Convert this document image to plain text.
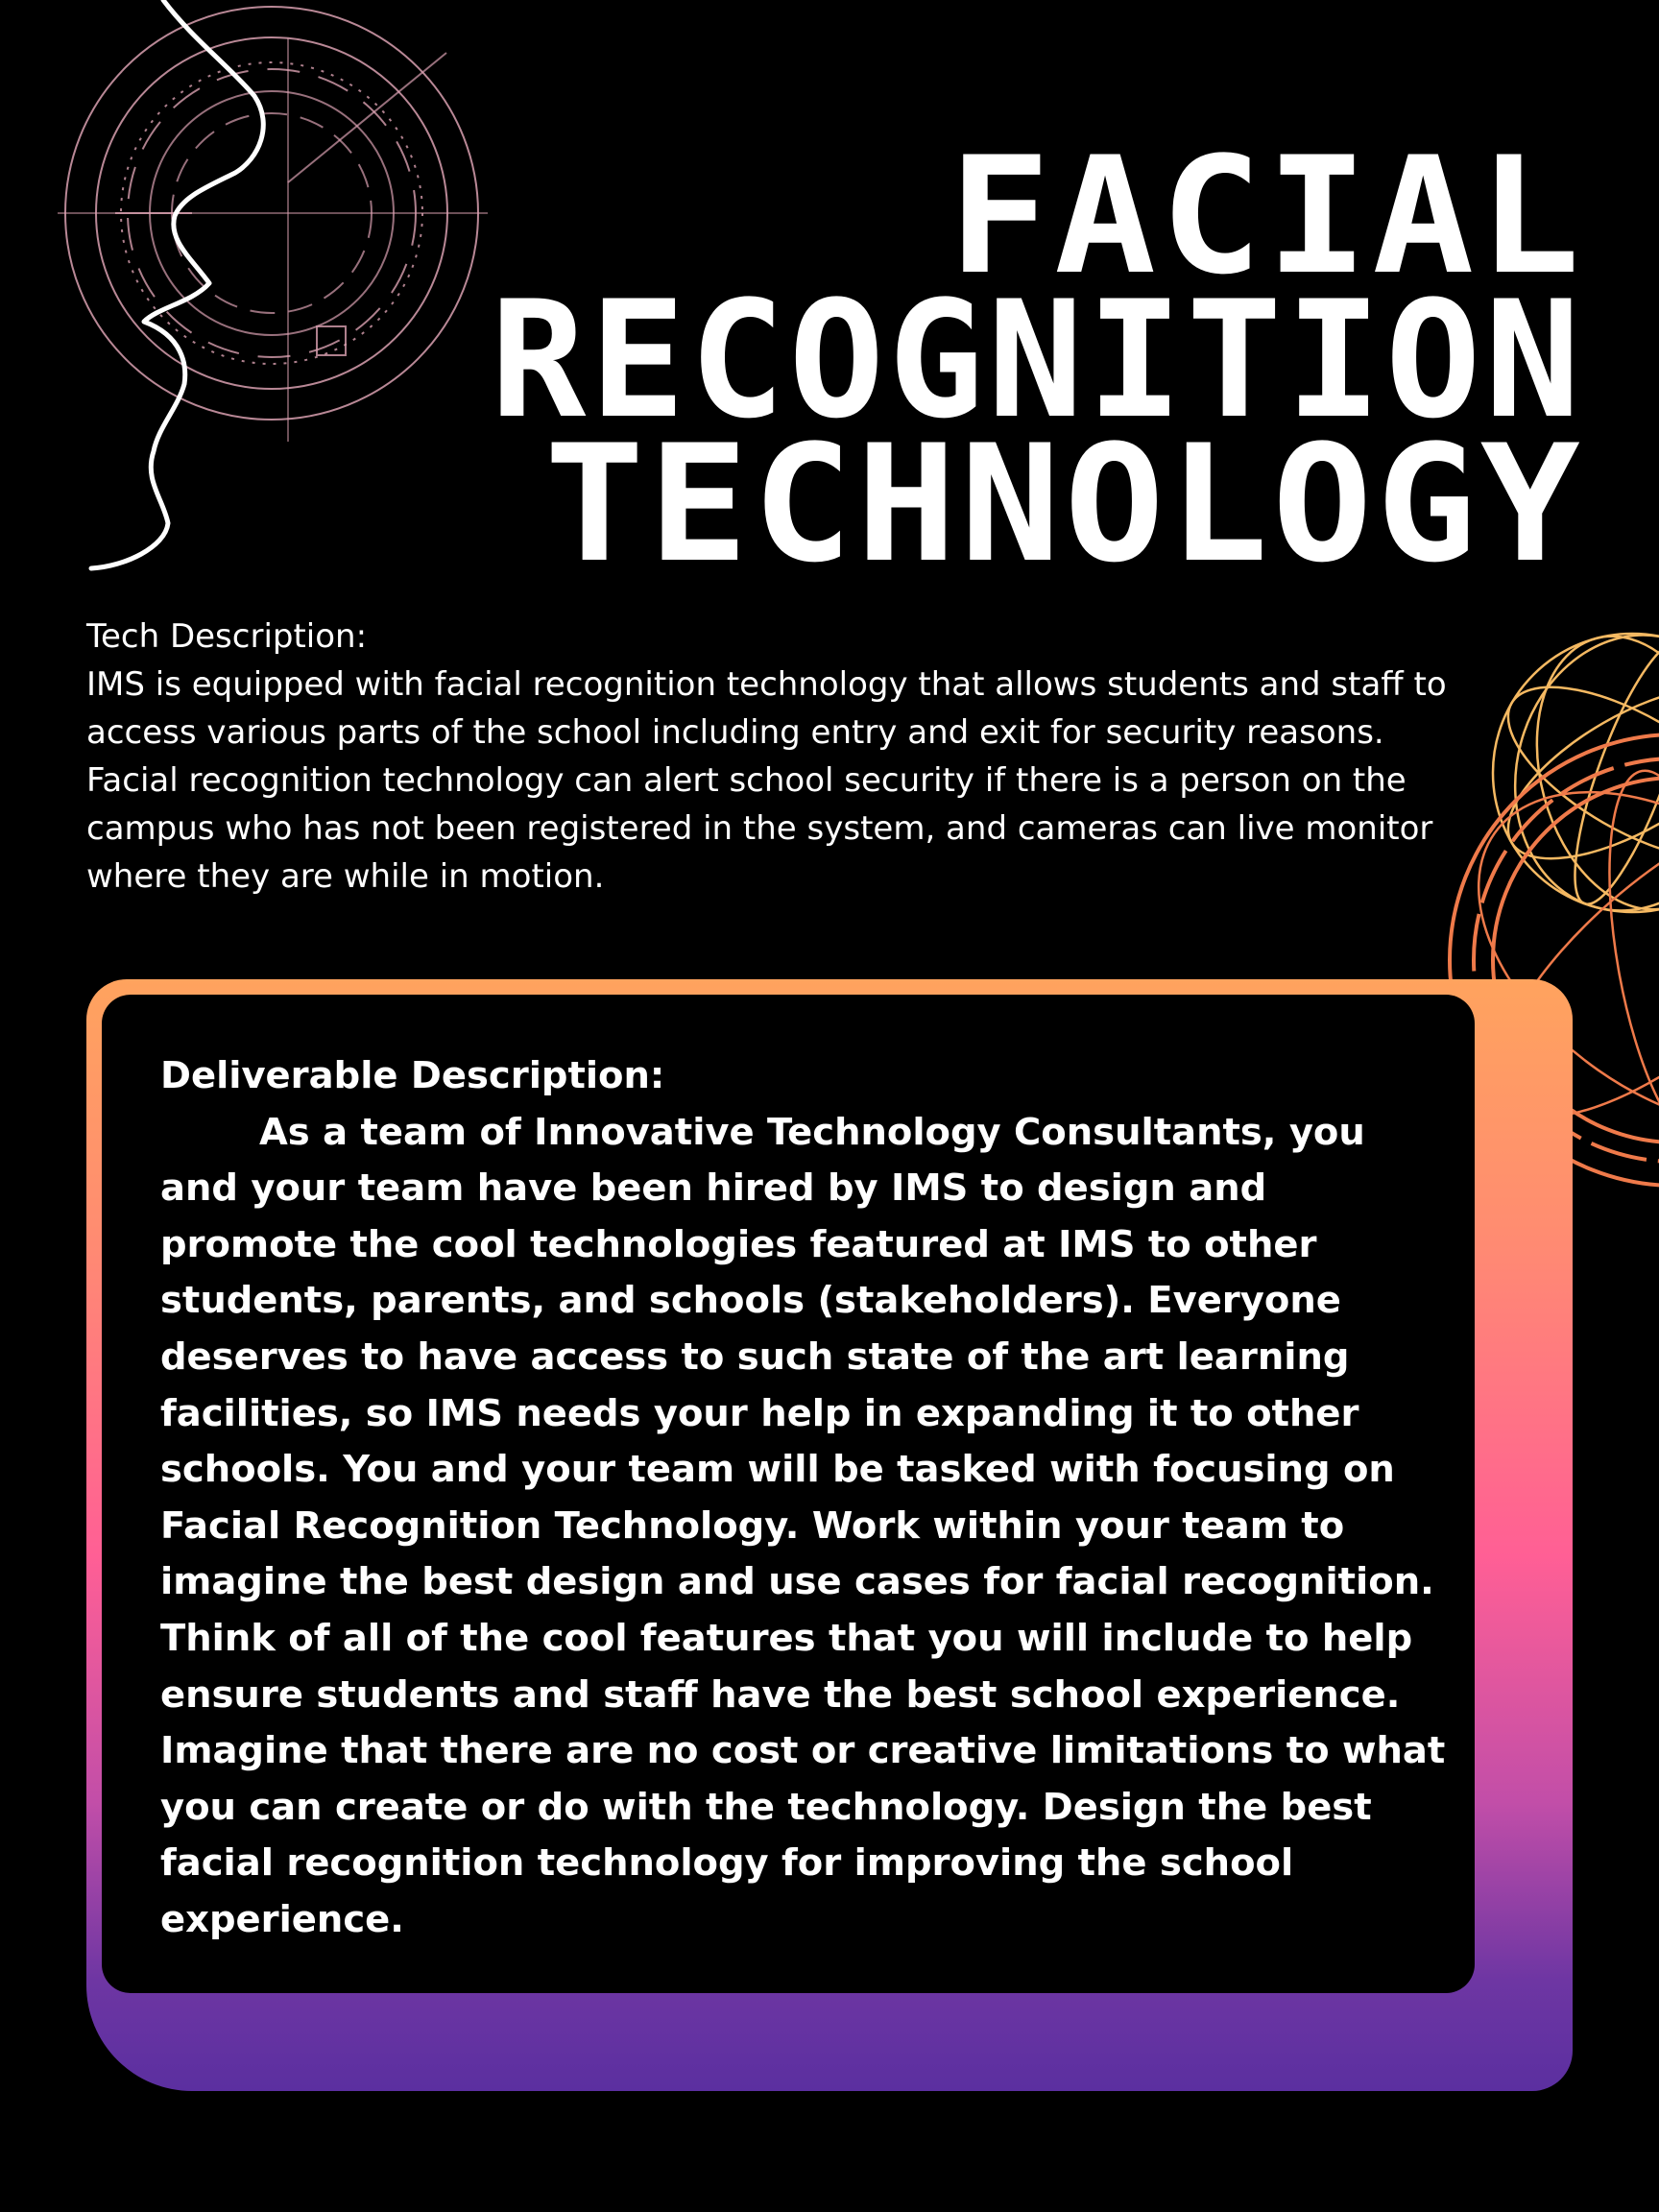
FACIAL
RECOGNITION
TECHNOLOGY
Tech Description:
IMS is equipped with facial recognition technology that allows students and staff to access various parts of the school including entry and exit for security reasons. Facial recognition technology can alert school security if there is a person on the campus who has not been registered in the system, and cameras can live monitor where they are while in motion.
Deliverable Description:
As a team of Innovative Technology Consultants, you and your team have been hired by IMS to design and promote the cool technologies featured at IMS to other students, parents, and schools (stakeholders). Everyone deserves to have access to such state of the art learning facilities, so IMS needs your help in expanding it to other schools. You and your team will be tasked with focusing on Facial Recognition Technology. Work within your team to imagine the best design and use cases for facial recognition. Think of all of the cool features that you will include to help ensure students and staff have the best school experience. Imagine that there are no cost or creative limitations to what you can create or do with the technology. Design the best facial recognition technology for improving the school experience.
